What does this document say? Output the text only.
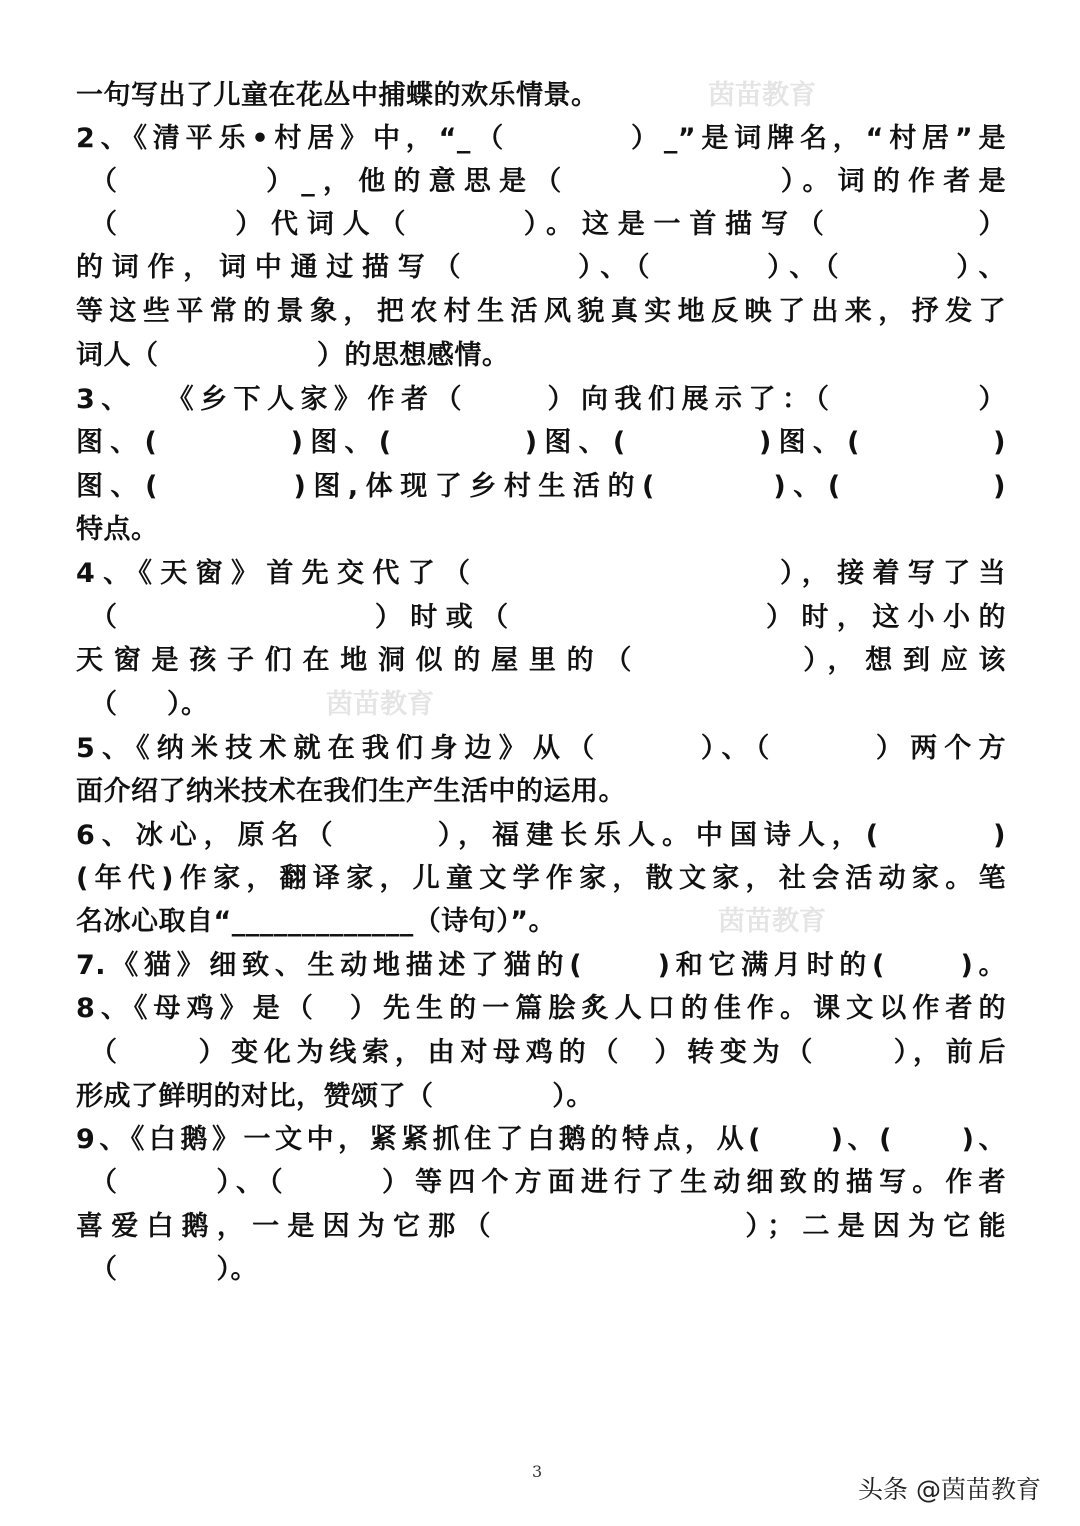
一句写出了儿童在花丛中捕蝶的欢乐情景。
2、《清平乐•村居》中，“_（        ）_”是词牌名，“村居”是
（        ）_，他的意思是（            ）。词的作者是
（      ）代词人（      ）。这是一首描写（        ）
的词作，词中通过描写（      ）、（      ）、（      ）、
等这些平常的景象，把农村生活风貌真实地反映了出来，抒发了
词人（                ）的思想感情。
3、  《乡下人家》作者（     ）向我们展示了：（         ）
图、(        )图、(        )图、(        )图、(        )
图、(        )图,体现了乡村生活的(       )、(         )
特点。
4、《天窗》首先交代了（                 ），接着写了当
（              ）时或（              ）时，这小小的
天窗是孩子们在地洞似的屋里的（        ），想到应该
（     ）。
5、《纳米技术就在我们身边》从（      ）、（      ）两个方
面介绍了纳米技术在我们生产生活中的运用。
6、冰心，原名（      ），福建长乐人。中国诗人，(       )
(年代)作家，翻译家，儿童文学作家，散文家，社会活动家。笔
名冰心取自“_____________（诗句）”。
7.《猫》细致、生动地描述了猫的(     )和它满月时的(     )。
8、《母鸡》是（  ）先生的一篇脍炙人口的佳作。课文以作者的
（     ）变化为线索，由对母鸡的（  ）转变为（     ），前后
形成了鲜明的对比，赞颂了（            ）。
9、《白鹅》一文中，紧紧抓住了白鹅的特点，从(     )、(     )、
（      ）、（      ）等四个方面进行了生动细致的描写。作者
喜爱白鹅，一是因为它那（              ）；二是因为它能
（          ）。
茵苗教育
茵苗教育
茵苗教育
3
头条 @茵苗教育
